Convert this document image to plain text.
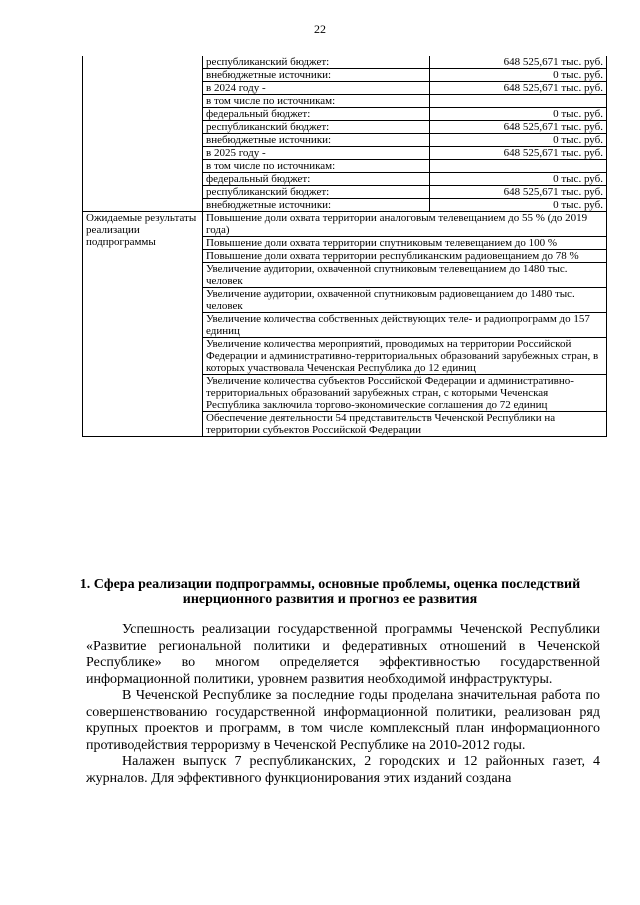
22
	республиканский бюджет:	648 525,671 тыс. руб.
	внебюджетные источники:	0 тыс. руб.
	в 2024 году -	648 525,671 тыс. руб.
	в том числе по источникам:	
	федеральный бюджет:	0 тыс. руб.
	республиканский бюджет:	648 525,671 тыс. руб.
	внебюджетные источники:	0 тыс. руб.
	в 2025 году -	648 525,671 тыс. руб.
	в том числе по источникам:	
	федеральный бюджет:	0 тыс. руб.
	республиканский бюджет:	648 525,671 тыс. руб.
	внебюджетные источники:	0 тыс. руб.
Ожидаемые результаты реализации подпрограммы	Повышение доли охвата территории аналоговым телевещанием до 55 % (до 2019 года)	
	Повышение доли охвата территории спутниковым телевещанием до 100 %	
	Повышение доли охвата территории республиканским радиовещанием до 78 %	
	Увеличение аудитории, охваченной спутниковым телевещанием до 1480 тыс. человек	
	Увеличение аудитории, охваченной спутниковым радиовещанием до 1480 тыс. человек	
	Увеличение количества собственных действующих теле- и радиопрограмм до 157 единиц	
	Увеличение количества мероприятий, проводимых на территории Российской Федерации и административно-территориальных образований зарубежных стран, в которых участвовала Чеченская Республика до 12 единиц	
	Увеличение количества субъектов Российской Федерации и административно-территориальных образований зарубежных стран, с которыми Чеченская Республика заключила торгово-экономические соглашения до 72 единиц	
	Обеспечение деятельности 54 представительств Чеченской Республики на территории субъектов Российской Федерации	
1. Сфера реализации подпрограммы, основные проблемы, оценка последствий инерционного развития и прогноз ее развития

Успешность реализации государственной программы Чеченской Республики «Развитие региональной политики и федеративных отношений в Чеченской Республике» во многом определяется эффективностью государственной информационной политики, уровнем развития необходимой инфраструктуры.

В Чеченской Республике за последние годы проделана значительная работа по совершенствованию государственной информационной политики, реализован ряд крупных проектов и программ, в том числе комплексный план информационного противодействия терроризму в Чеченской Республике на 2010-2012 годы.

Налажен выпуск 7 республиканских, 2 городских и 12 районных газет, 4 журналов. Для эффективного функционирования этих изданий создана
